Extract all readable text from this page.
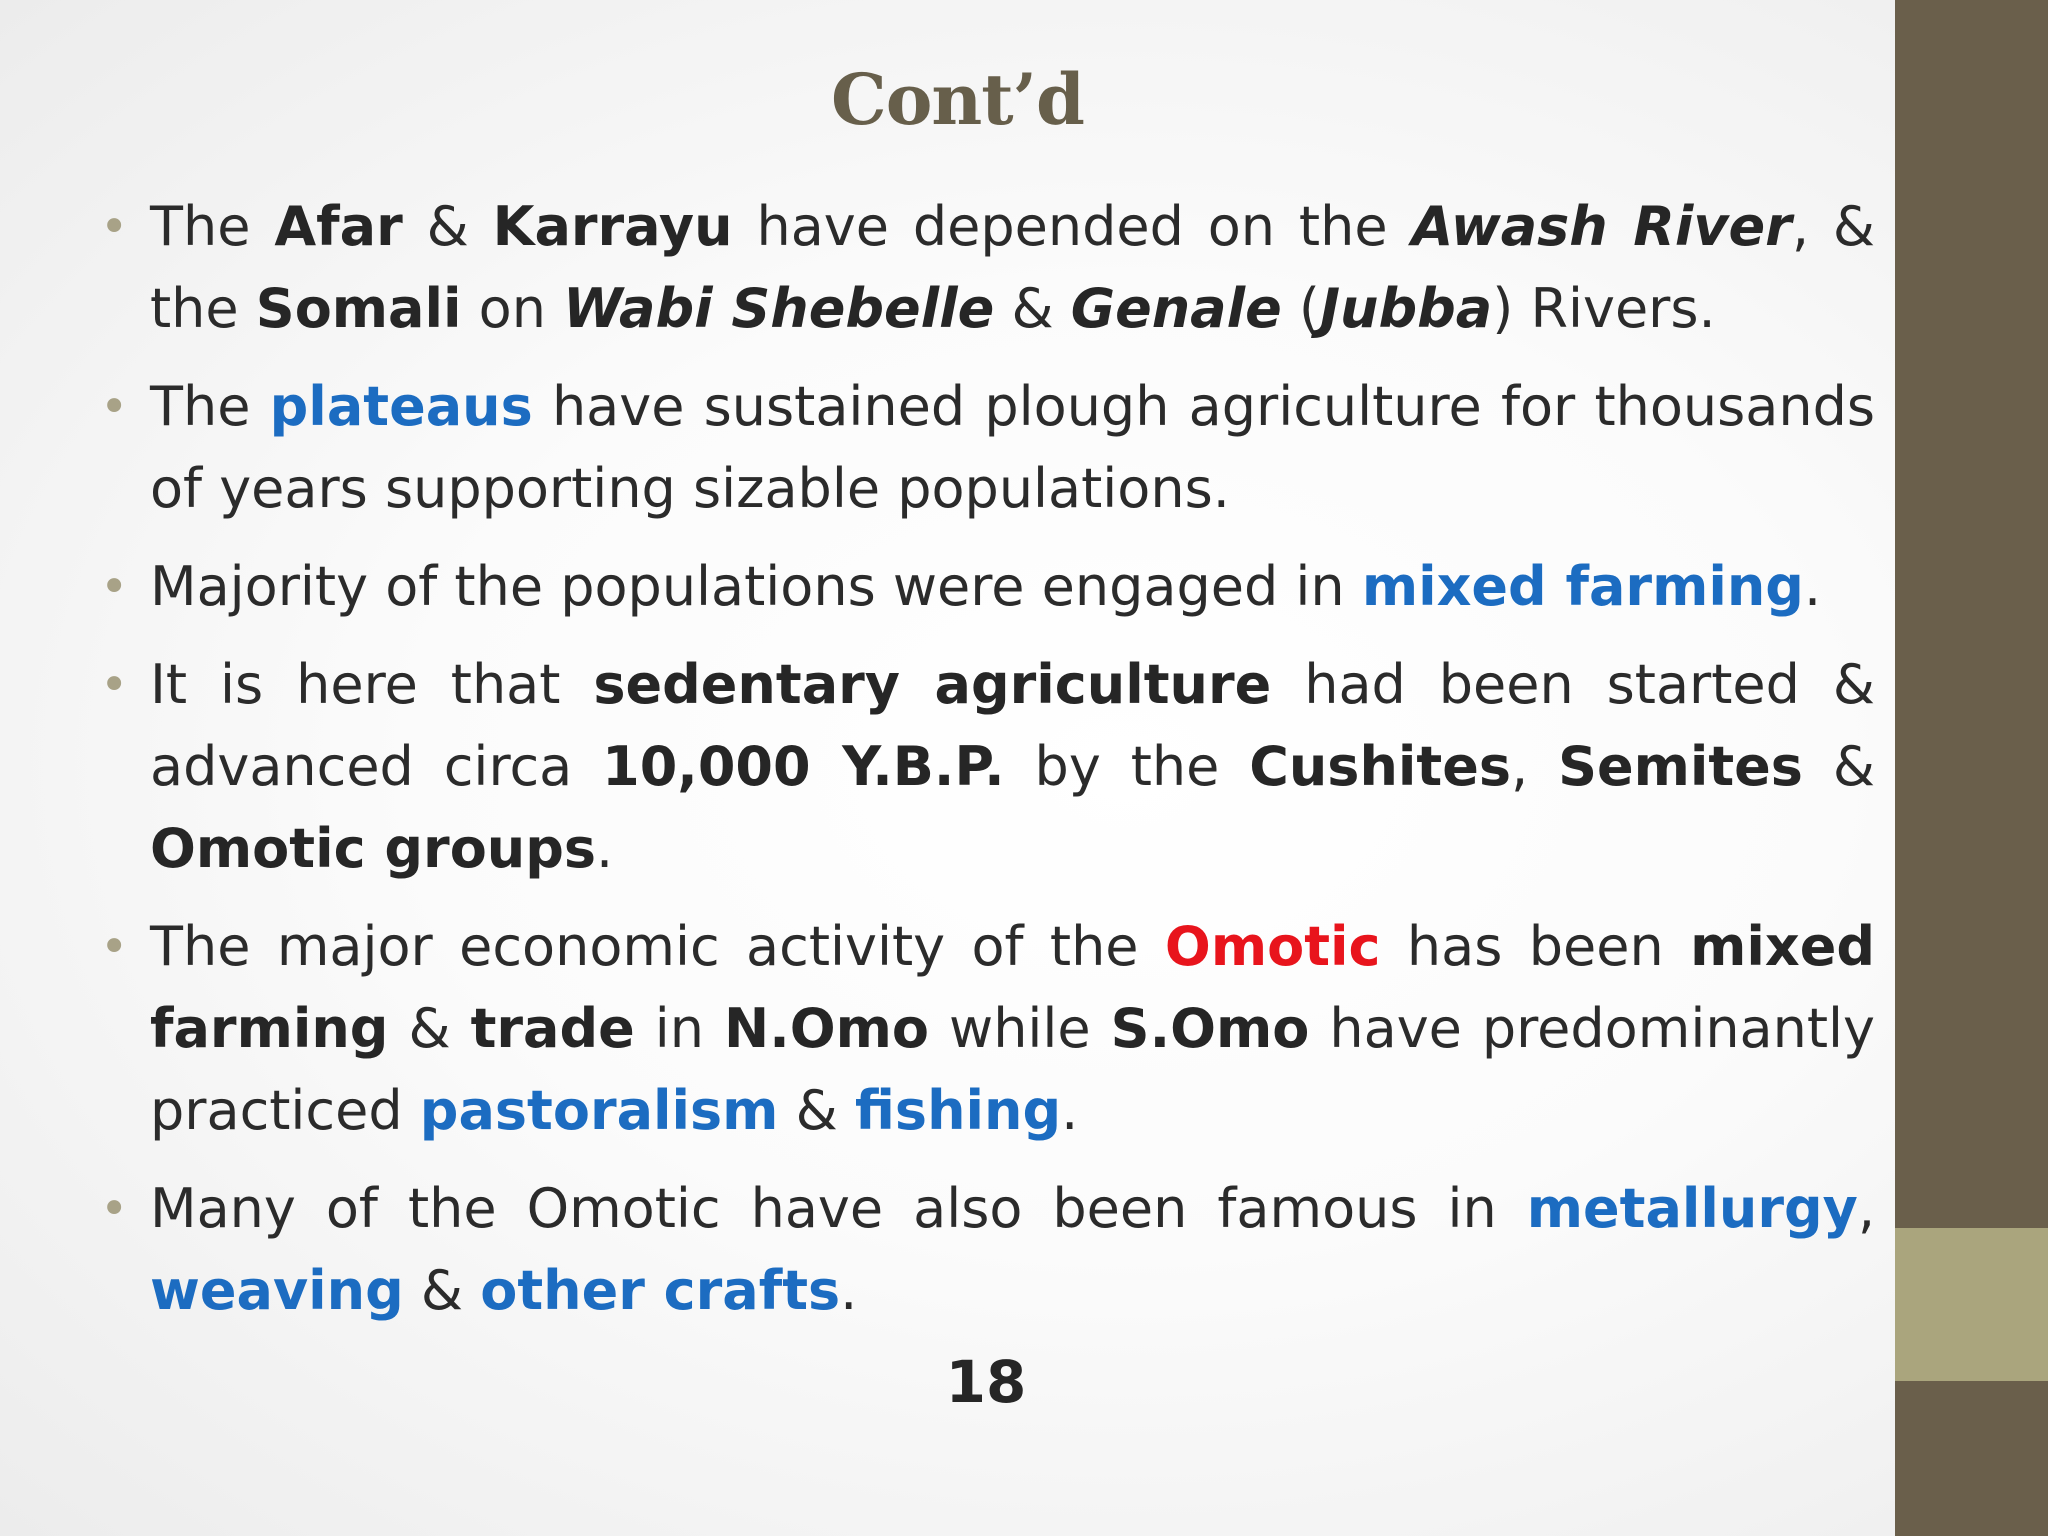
Cont’d
• The Afar & Karrayu have depended on the Awash River, & the Somali on Wabi Shebelle & Genale (Jubba) Rivers.
• The plateaus have sustained plough agriculture for thousands of years supporting sizable populations.
• Majority of the populations were engaged in mixed farming.
• It is here that sedentary agriculture had been started & advanced circa 10,000 Y.B.P. by the Cushites, Semites & Omotic groups.
• The major economic activity of the Omotic has been mixed farming & trade in N.Omo while S.Omo have predominantly practiced pastoralism & fishing.
• Many of the Omotic have also been famous in metallurgy, weaving & other crafts.
18
